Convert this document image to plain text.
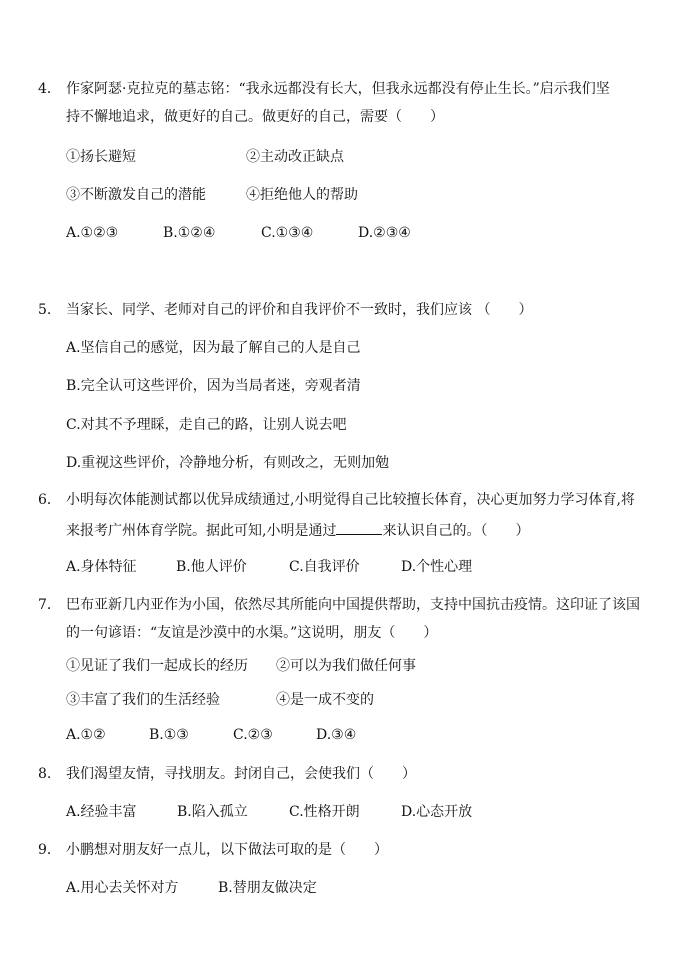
4． 作家阿瑟·克拉克的墓志铭：“我永远都没有长大，但我永远都没有停止生长。”启示我们坚
持不懈地追求，做更好的自己。做更好的自己，需要（　　）
①扬长避短	②主动改正缺点
③不断激发自己的潜能	④拒绝他人的帮助
A.①②③	B.①②④	C.①③④	D.②③④
5. 当家长、同学、老师对自己的评价和自我评价不一致时，我们应该 （　　）
A.坚信自己的感觉，因为最了解自己的人是自己
B.完全认可这些评价，因为当局者迷，旁观者清
C.对其不予理睬，走自己的路，让别人说去吧
D.重视这些评价，冷静地分析，有则改之，无则加勉
6． 小明每次体能测试都以优异成绩通过,小明觉得自己比较擅长体育，决心更加努力学习体育,将
来报考广州体育学院。据此可知,小明是通过	来认识自己的。（　　）
A.身体特征	B.他人评价	C.自我评价	D.个性心理
7． 巴布亚新几内亚作为小国，依然尽其所能向中国提供帮助，支持中国抗击疫情。这印证了该国
的一句谚语：“友谊是沙漠中的水渠。”这说明，朋友（　　）
①见证了我们一起成长的经历 ②可以为我们做任何事
③丰富了我们的生活经验	④是一成不变的
A.①②	B.①③	C.②③	D.③④
8. 我们渴望友情，寻找朋友。封闭自己，会使我们（　　）
A.经验丰富	B.陷入孤立	C.性格开朗	D.心态开放
9． 小鹏想对朋友好一点儿，以下做法可取的是（　　）
A.用心去关怀对方	B.替朋友做决定
